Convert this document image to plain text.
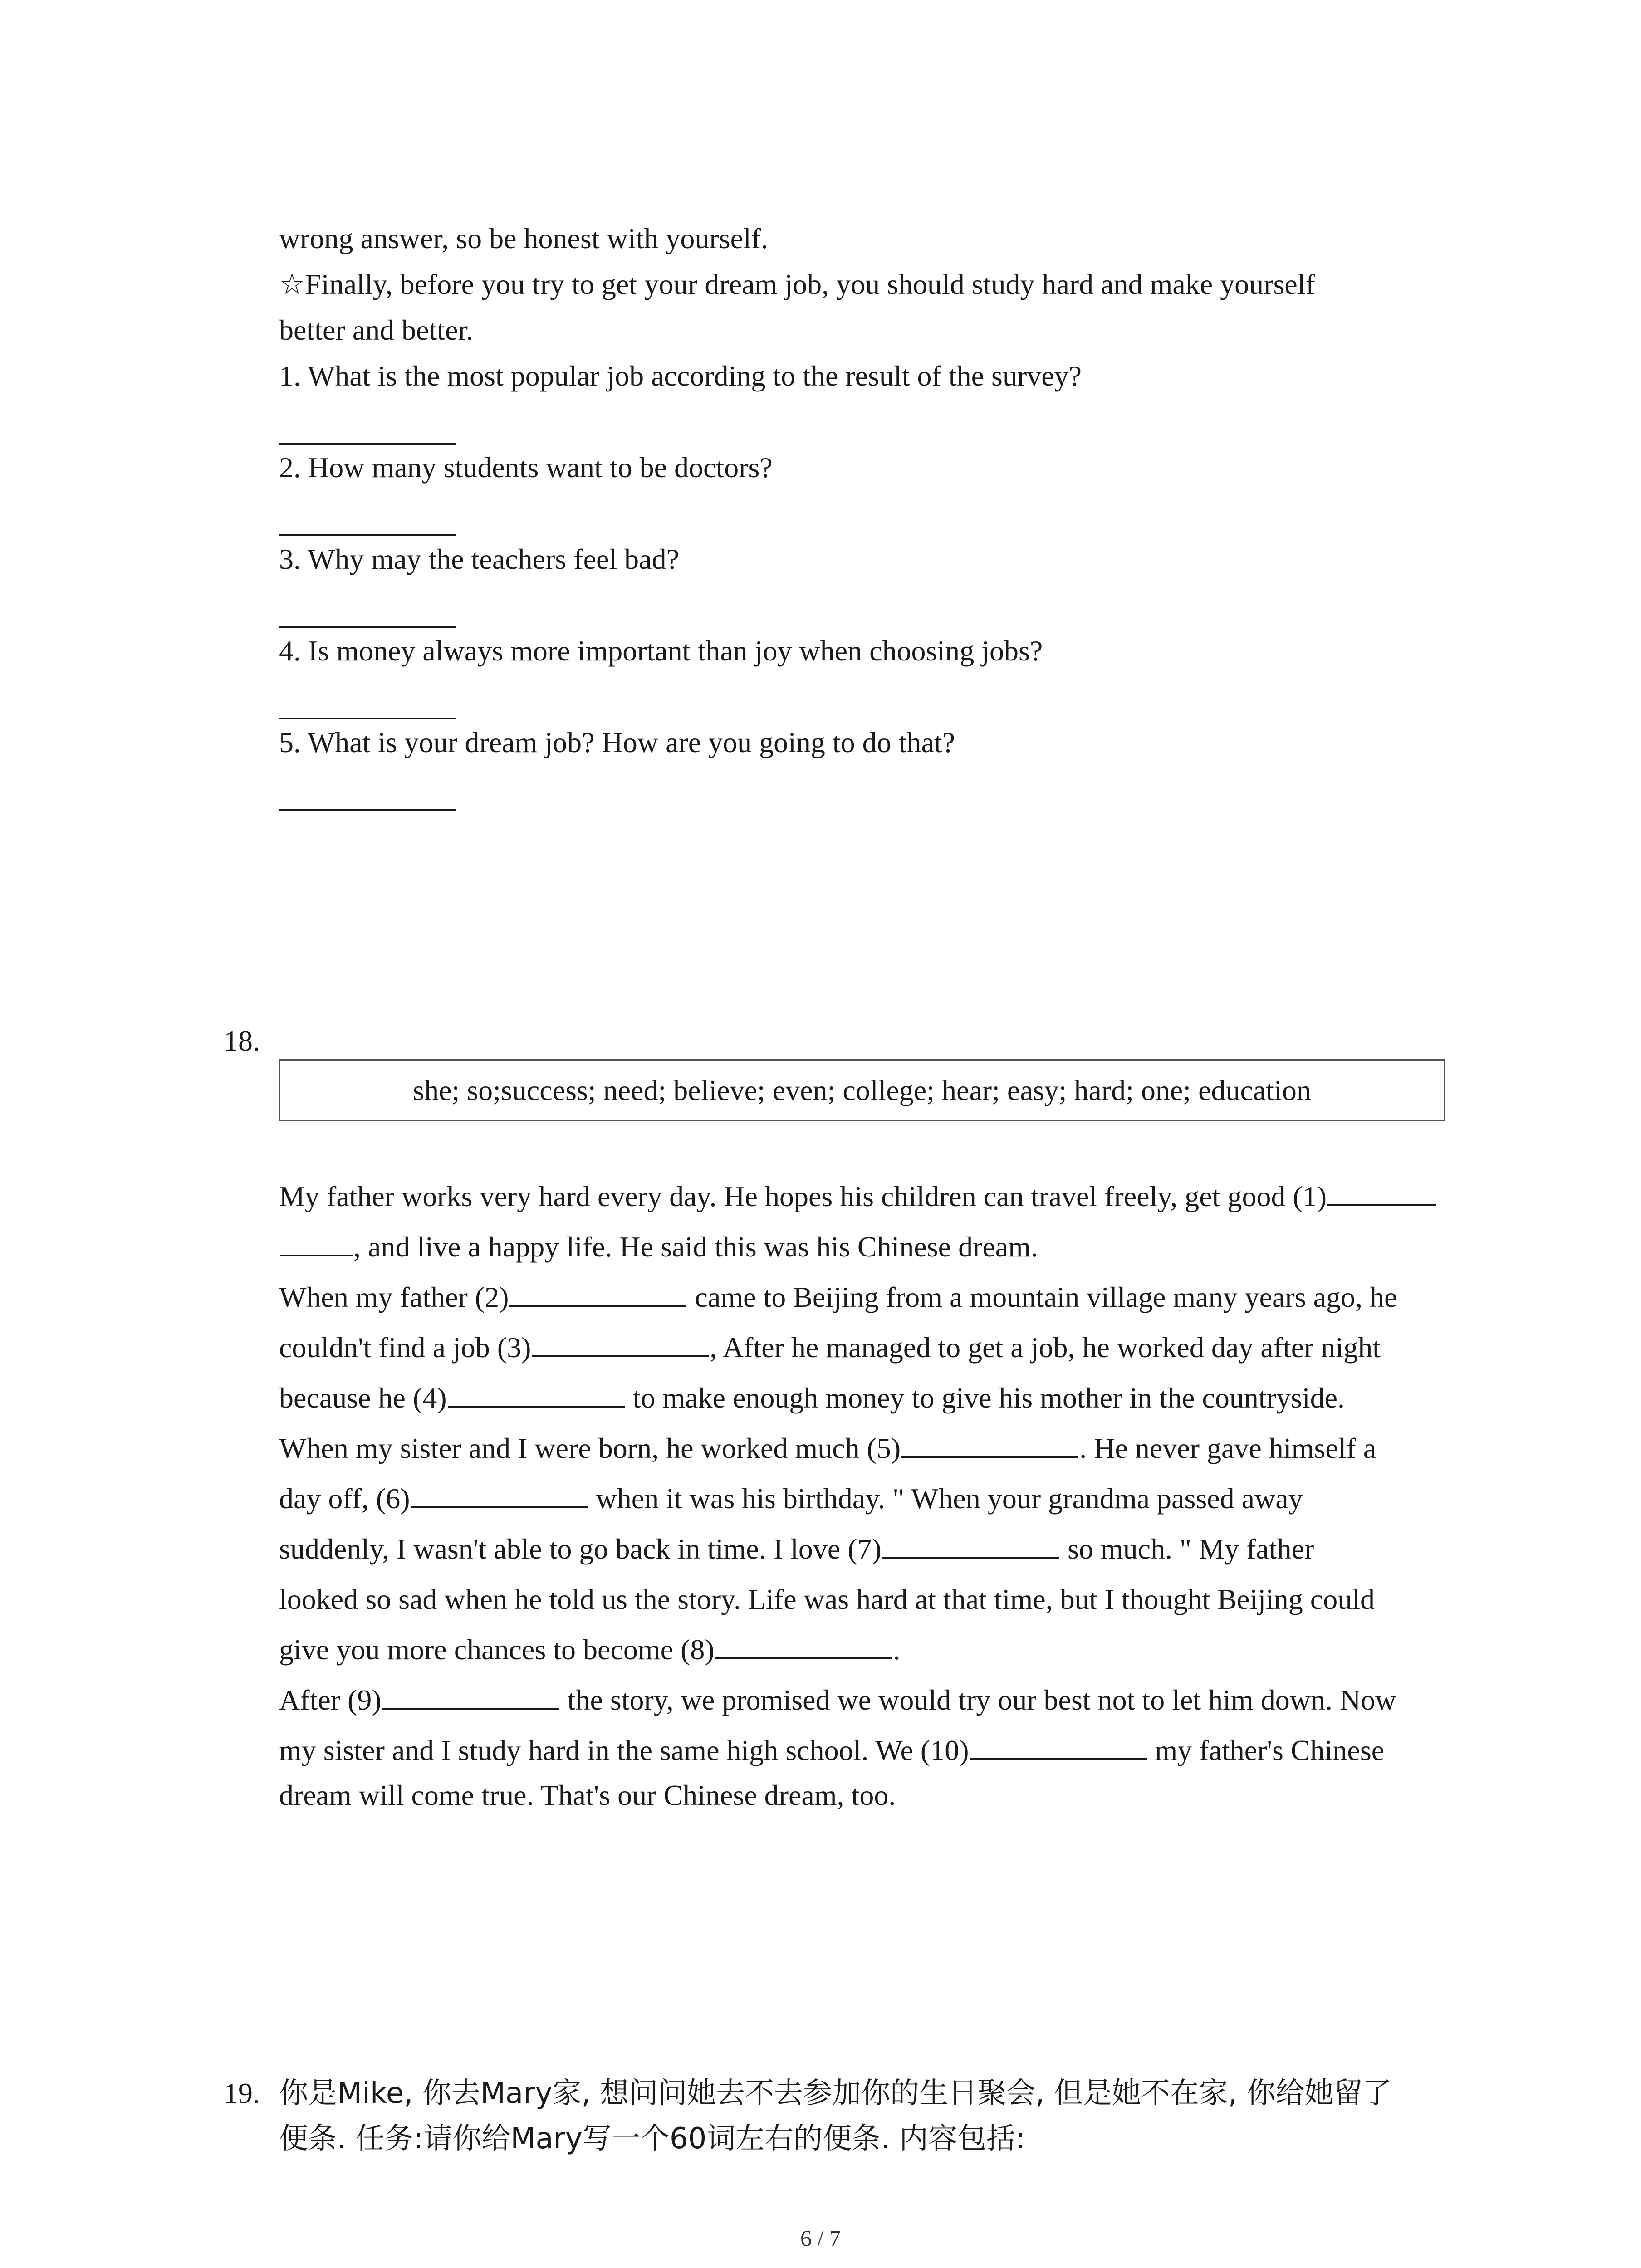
wrong answer, so be honest with yourself.
☆Finally, before you try to get your dream job, you should study hard and make yourself
better and better.
1. What is the most popular job according to the result of the survey?
2. How many students want to be doctors?
3. Why may the teachers feel bad?
4. Is money always more important than joy when choosing jobs?
5. What is your dream job? How are you going to do that?
18.
she; so;success; need; believe; even; college; hear; easy; hard; one; education
My father works very hard every day. He hopes his children can travel freely, get good (1)
, and live a happy life. He said this was his Chinese dream.
When my father (2)	came to Beijing from a mountain village many years ago, he
couldn't find a job (3)	, After he managed to get a job, he worked day after night
because he (4)	to make enough money to give his mother in the countryside.
When my sister and I were born, he worked much (5)	. He never gave himself a
day off, (6)	when it was his birthday. " When your grandma passed away
suddenly, I wasn't able to go back in time. I love (7)	so much. " My father
looked so sad when he told us the story. Life was hard at that time, but I thought Beijing could
give you more chances to become (8)	.
After (9)	the story, we promised we would try our best not to let him down. Now
my sister and I study hard in the same high school. We (10)	my father's Chinese
dream will come true. That's our Chinese dream, too.
19. 你是Mike, 你去Mary家, 想问问她去不去参加你的生日聚会, 但是她不在家, 你给她留了
便条. 任务:请你给Mary写一个60词左右的便条. 内容包括:
6 / 7
